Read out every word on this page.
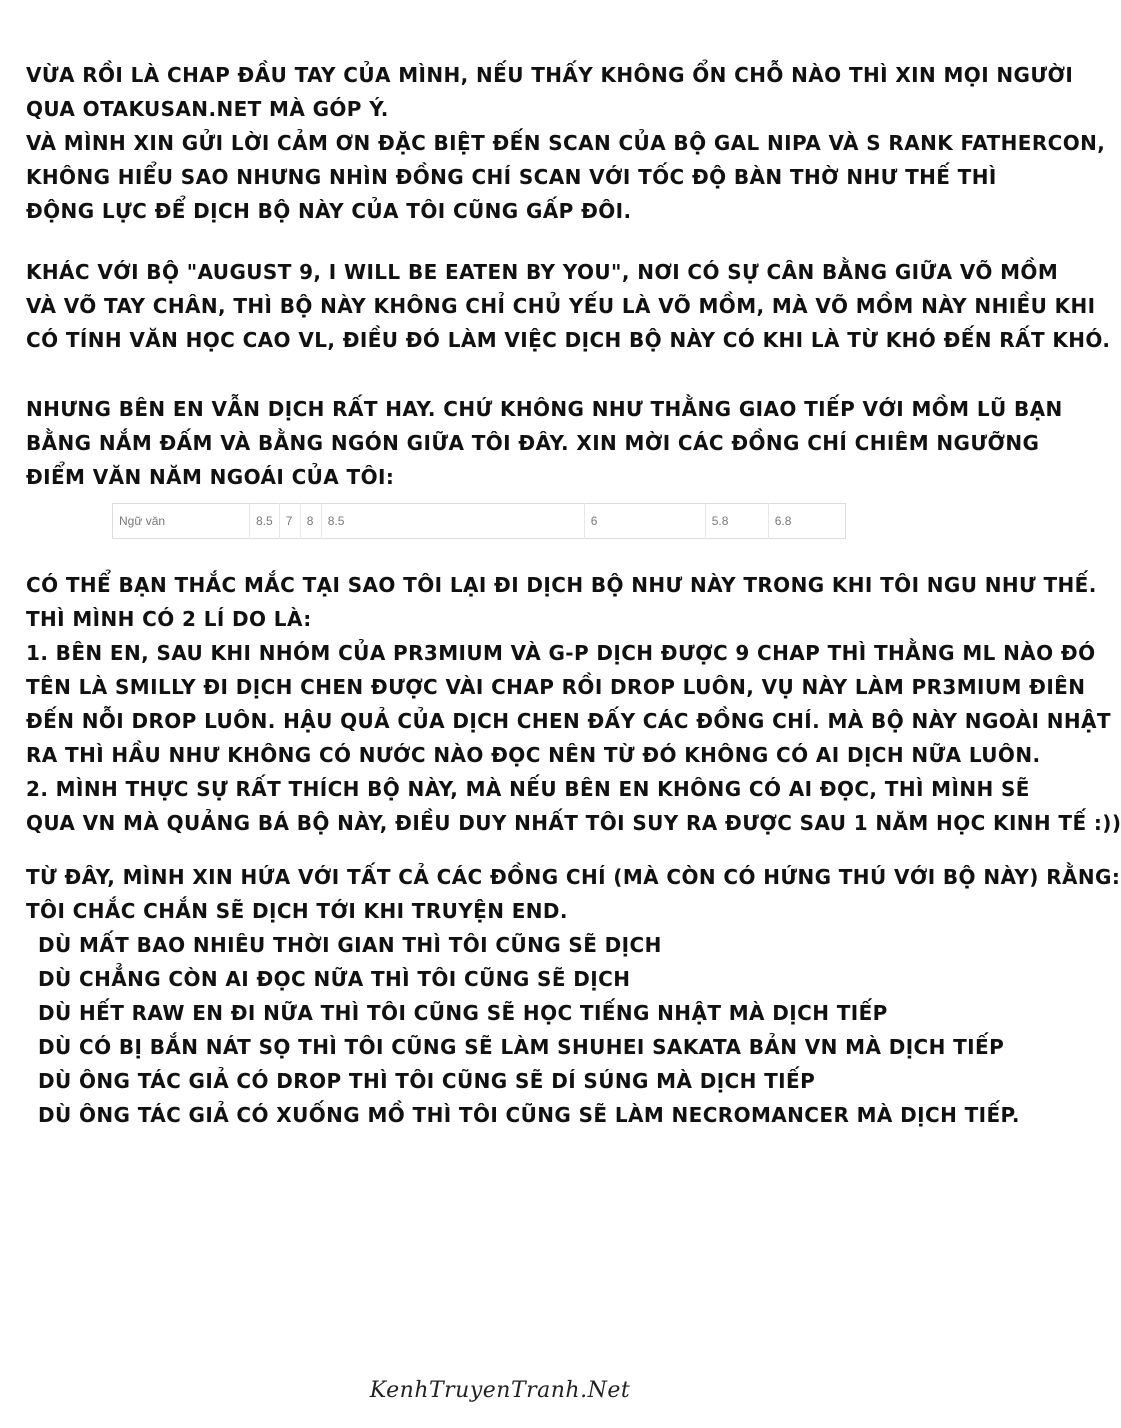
VỪA RỒI LÀ CHAP ĐẦU TAY CỦA MÌNH, NẾU THẤY KHÔNG ỔN CHỖ NÀO THÌ XIN MỌI NGƯỜI
QUA OTAKUSAN.NET MÀ GÓP Ý.
VÀ MÌNH XIN GỬI LỜI CẢM ƠN ĐẶC BIỆT ĐẾN SCAN CỦA BỘ GAL NIPA VÀ S RANK FATHERCON,
KHÔNG HIỂU SAO NHƯNG NHÌN ĐỒNG CHÍ SCAN VỚI TỐC ĐỘ BÀN THỜ NHƯ THẾ THÌ
ĐỘNG LỰC ĐỂ DỊCH BỘ NÀY CỦA TÔI CŨNG GẤP ĐÔI.
KHÁC VỚI BỘ "AUGUST 9, I WILL BE EATEN BY YOU", NƠI CÓ SỰ CÂN BẰNG GIỮA VÕ MỒM
VÀ VÕ TAY CHÂN, THÌ BỘ NÀY KHÔNG CHỈ CHỦ YẾU LÀ VÕ MỒM, MÀ VÕ MỒM NÀY NHIỀU KHI
CÓ TÍNH VĂN HỌC CAO VL, ĐIỀU ĐÓ LÀM VIỆC DỊCH BỘ NÀY CÓ KHI LÀ TỪ KHÓ ĐẾN RẤT KHÓ.
NHƯNG BÊN EN VẪN DỊCH RẤT HAY. CHỨ KHÔNG NHƯ THẰNG GIAO TIẾP VỚI MỒM LŨ BẠN
BẰNG NẮM ĐẤM VÀ BẰNG NGÓN GIỮA TÔI ĐÂY. XIN MỜI CÁC ĐỒNG CHÍ CHIÊM NGƯỠNG
ĐIỂM VĂN NĂM NGOÁI CỦA TÔI:
Ngữ văn	8.5	7	8	8.5	6	5.8	6.8
CÓ THỂ BẠN THẮC MẮC TẠI SAO TÔI LẠI ĐI DỊCH BỘ NHƯ NÀY TRONG KHI TÔI NGU NHƯ THẾ.
THÌ MÌNH CÓ 2 LÍ DO LÀ:
1. BÊN EN, SAU KHI NHÓM CỦA PR3MIUM VÀ G-P DỊCH ĐƯỢC 9 CHAP THÌ THẰNG ML NÀO ĐÓ
TÊN LÀ SMILLY ĐI DỊCH CHEN ĐƯỢC VÀI CHAP RỒI DROP LUÔN, VỤ NÀY LÀM PR3MIUM ĐIÊN
ĐẾN NỖI DROP LUÔN. HẬU QUẢ CỦA DỊCH CHEN ĐẤY CÁC ĐỒNG CHÍ. MÀ BỘ NÀY NGOÀI NHẬT
RA THÌ HẦU NHƯ KHÔNG CÓ NƯỚC NÀO ĐỌC NÊN TỪ ĐÓ KHÔNG CÓ AI DỊCH NỮA LUÔN.
2. MÌNH THỰC SỰ RẤT THÍCH BỘ NÀY, MÀ NẾU BÊN EN KHÔNG CÓ AI ĐỌC, THÌ MÌNH SẼ
QUA VN MÀ QUẢNG BÁ BỘ NÀY, ĐIỀU DUY NHẤT TÔI SUY RA ĐƯỢC SAU 1 NĂM HỌC KINH TẾ :))
TỪ ĐÂY, MÌNH XIN HỨA VỚI TẤT CẢ CÁC ĐỒNG CHÍ (MÀ CÒN CÓ HỨNG THÚ VỚI BỘ NÀY) RẰNG:
TÔI CHẮC CHẮN SẼ DỊCH TỚI KHI TRUYỆN END.
DÙ MẤT BAO NHIÊU THỜI GIAN THÌ TÔI CŨNG SẼ DỊCH
DÙ CHẲNG CÒN AI ĐỌC NỮA THÌ TÔI CŨNG SẼ DỊCH
DÙ HẾT RAW EN ĐI NỮA THÌ TÔI CŨNG SẼ HỌC TIẾNG NHẬT MÀ DỊCH TIẾP
DÙ CÓ BỊ BẮN NÁT SỌ THÌ TÔI CŨNG SẼ LÀM SHUHEI SAKATA BẢN VN MÀ DỊCH TIẾP
DÙ ÔNG TÁC GIẢ CÓ DROP THÌ TÔI CŨNG SẼ DÍ SÚNG MÀ DỊCH TIẾP
DÙ ÔNG TÁC GIẢ CÓ XUỐNG MỒ THÌ TÔI CŨNG SẼ LÀM NECROMANCER MÀ DỊCH TIẾP.
KenhTruyenTranh.Net
